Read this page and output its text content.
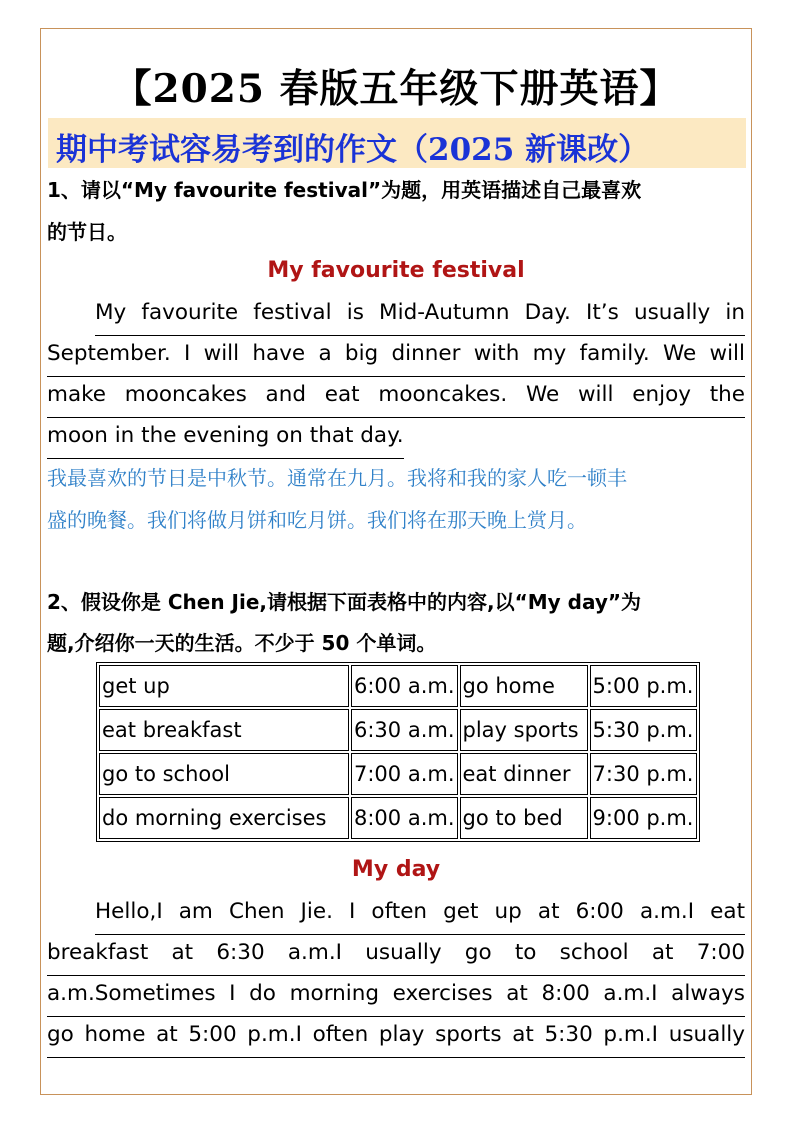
【2025 春版五年级下册英语】
期中考试容易考到的作文（2025 新课改）
1、请以“My favourite festival”为题，用英语描述自己最喜欢
的节日。
My favourite festival
My favourite festival is Mid-Autumn Day. It’s usually in
September. I will have a big dinner with my family. We will
make mooncakes and eat mooncakes. We will enjoy the
moon in the evening on that day.
我最喜欢的节日是中秋节。通常在九月。我将和我的家人吃一顿丰
盛的晚餐。我们将做月饼和吃月饼。我们将在那天晚上赏月。
2、假设你是 Chen Jie,请根据下面表格中的内容,以“My day”为
题,介绍你一天的生活。不少于 50 个单词。
get up	6:00 a.m.	go home	5:00 p.m.
eat breakfast	6:30 a.m.	play sports	5:30 p.m.
go to school	7:00 a.m.	eat dinner	7:30 p.m.
do morning exercises	8:00 a.m.	go to bed	9:00 p.m.
My day
Hello,I am Chen Jie. I often get up at 6:00 a.m.I eat
breakfast at 6:30 a.m.I usually go to school at 7:00
a.m.Sometimes I do morning exercises at 8:00 a.m.I always
go home at 5:00 p.m.I often play sports at 5:30 p.m.I usually
